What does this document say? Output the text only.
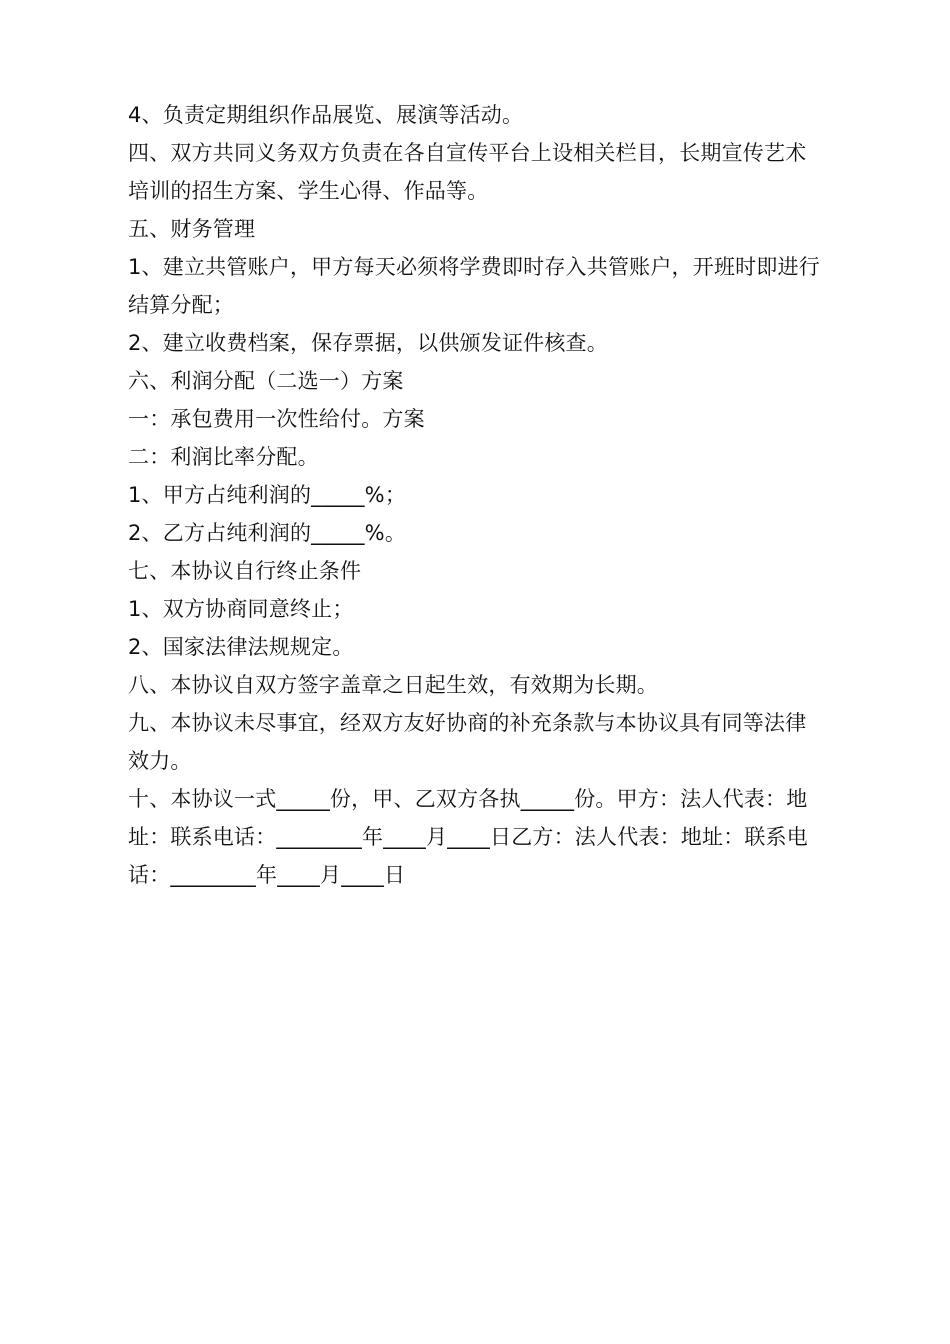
4、负责定期组织作品展览、展演等活动。

四、双方共同义务双方负责在各自宣传平台上设相关栏目，长期宣传艺术培训的招生方案、学生心得、作品等。

五、财务管理

1、建立共管账户，甲方每天必须将学费即时存入共管账户，开班时即进行结算分配；

2、建立收费档案，保存票据，以供颁发证件核查。

六、利润分配（二选一）方案

一：承包费用一次性给付。方案

二：利润比率分配。

1、甲方占纯利润的_____%；

2、乙方占纯利润的_____%。

七、本协议自行终止条件

1、双方协商同意终止；

2、国家法律法规规定。

八、本协议自双方签字盖章之日起生效，有效期为长期。

九、本协议未尽事宜，经双方友好协商的补充条款与本协议具有同等法律效力。

十、本协议一式_____份，甲、乙双方各执_____份。甲方：法人代表：地址：联系电话：________年____月____日乙方：法人代表：地址：联系电话：________年____月____日
